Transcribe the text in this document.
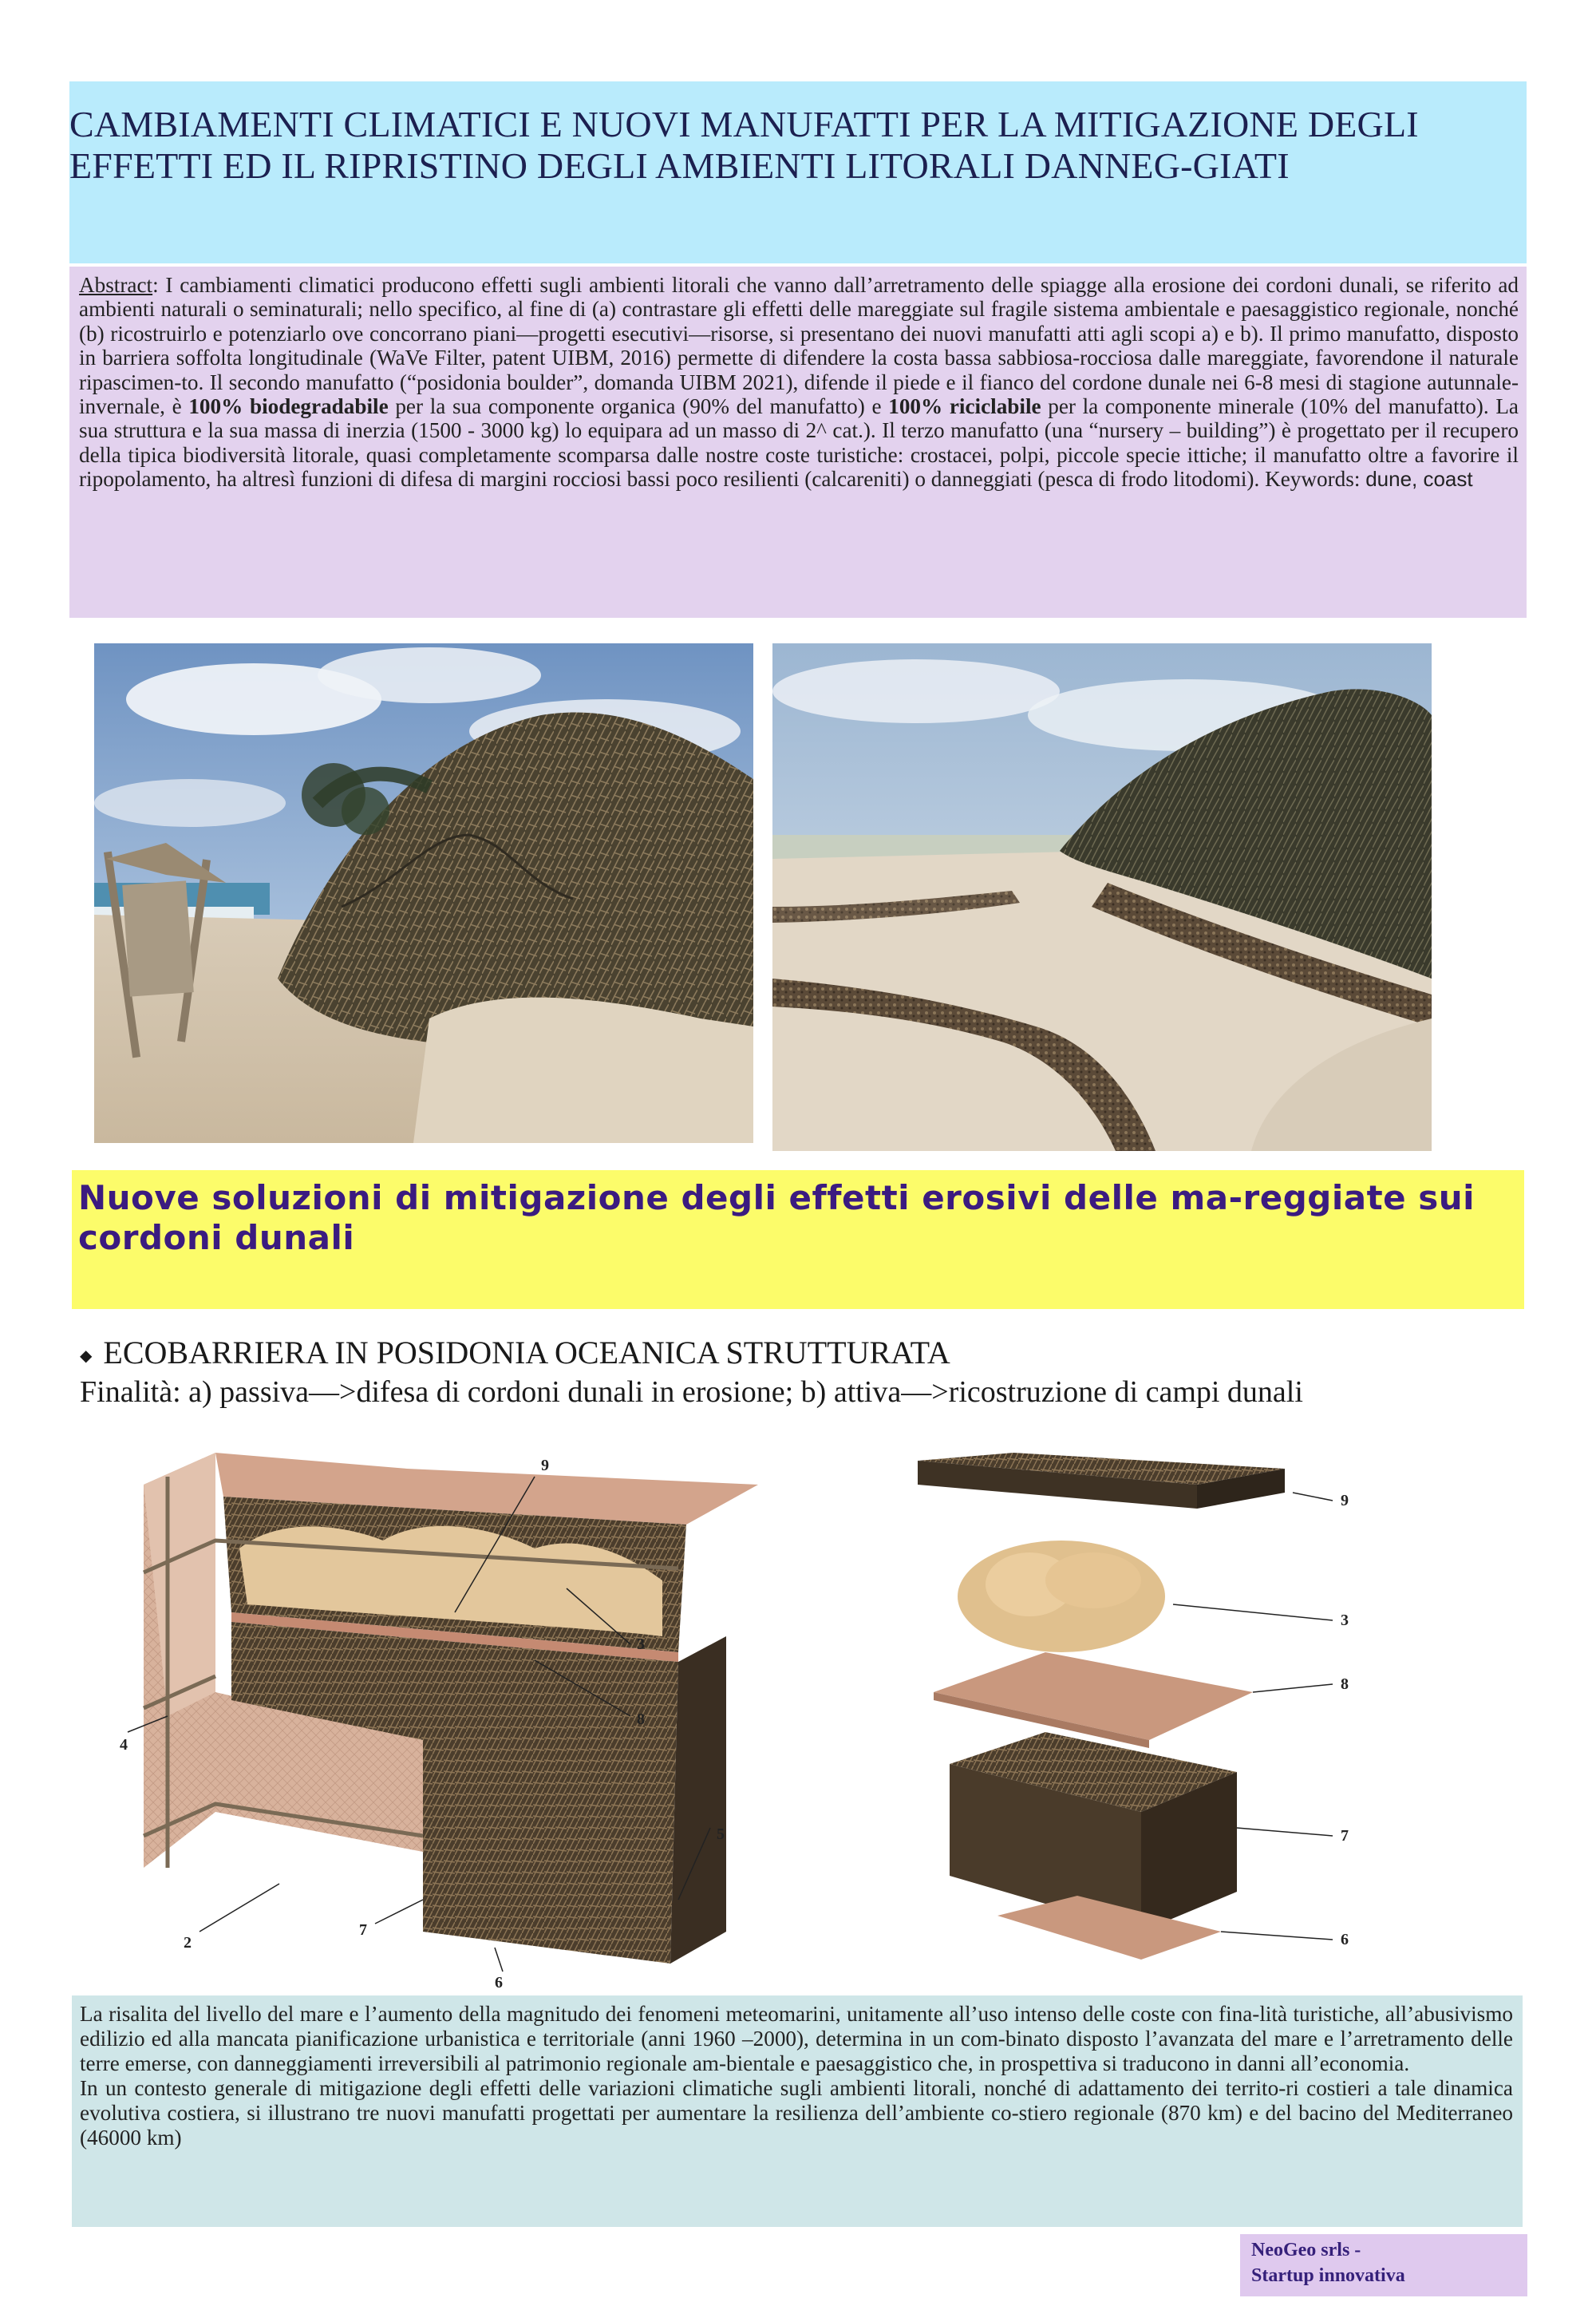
CAMBIAMENTI CLIMATICI E NUOVI MANUFATTI PER LA MITIGAZIONE DEGLI EFFETTI ED IL RIPRISTINO DEGLI AMBIENTI LITORALI DANNEG-GIATI
Abstract: I cambiamenti climatici producono effetti sugli ambienti litorali che vanno dall’arretramento delle spiagge alla erosione dei cordoni dunali, se riferito ad ambienti naturali o seminaturali; nello specifico, al fine di (a) contrastare gli effetti delle mareggiate sul fragile sistema ambientale e paesaggistico regionale, nonché (b) ricostruirlo e potenziarlo ove concorrano piani—progetti esecutivi—risorse, si presentano dei nuovi manufatti atti agli scopi a) e b). Il primo manufatto, disposto in barriera soffolta longitudinale (WaVe Filter, patent UIBM, 2016) permette di difendere la costa bassa sabbiosa-rocciosa dalle mareggiate, favorendone il naturale ripascimen-to. Il secondo manufatto (“posidonia boulder”, domanda UIBM 2021), difende il piede e il fianco del cordone dunale nei 6-8 mesi di stagione autunnale-invernale, è 100% biodegradabile per la sua componente organica (90% del manufatto) e 100% riciclabile per la componente minerale (10% del manufatto). La sua struttura e la sua massa di inerzia (1500 - 3000 kg) lo equipara ad un masso di 2^ cat.). Il terzo manufatto (una “nursery – building”) è progettato per il recupero della tipica biodiversità litorale, quasi completamente scomparsa dalle nostre coste turistiche: crostacei, polpi, piccole specie ittiche; il manufatto oltre a favorire il ripopolamento, ha altresì funzioni di difesa di margini rocciosi bassi poco resilienti (calcareniti) o danneggiati (pesca di frodo litodomi). Keywords: dune, coast
Nuove soluzioni di mitigazione degli effetti erosivi delle ma-reggiate sui cordoni dunali
◆ ECOBARRIERA IN POSIDONIA OCEANICA STRUTTURATA
Finalità: a) passiva—>difesa di cordoni dunali in erosione; b) attiva—>ricostruzione di campi dunali
9
3
8
4
5
7
2
6
9
3
8
7
6

La risalita del livello del mare e l’aumento della magnitudo dei fenomeni meteomarini, unitamente all’uso intenso delle coste con fina-lità turistiche, all’abusivismo edilizio ed alla mancata pianificazione urbanistica e territoriale (anni 1960 –2000), determina in un com-binato disposto l’avanzata del mare e l’arretramento delle terre emerse, con danneggiamenti irreversibili al patrimonio regionale am-bientale e paesaggistico che, in prospettiva si traducono in danni all’economia.

In un contesto generale di mitigazione degli effetti delle variazioni climatiche sugli ambienti litorali, nonché di adattamento dei territo-ri costieri a tale dinamica evolutiva costiera, si illustrano tre nuovi manufatti progettati per aumentare la resilienza dell’ambiente co-stiero regionale (870 km) e del bacino del Mediterraneo (46000 km)

NeoGeo srls -
Startup innovativa
